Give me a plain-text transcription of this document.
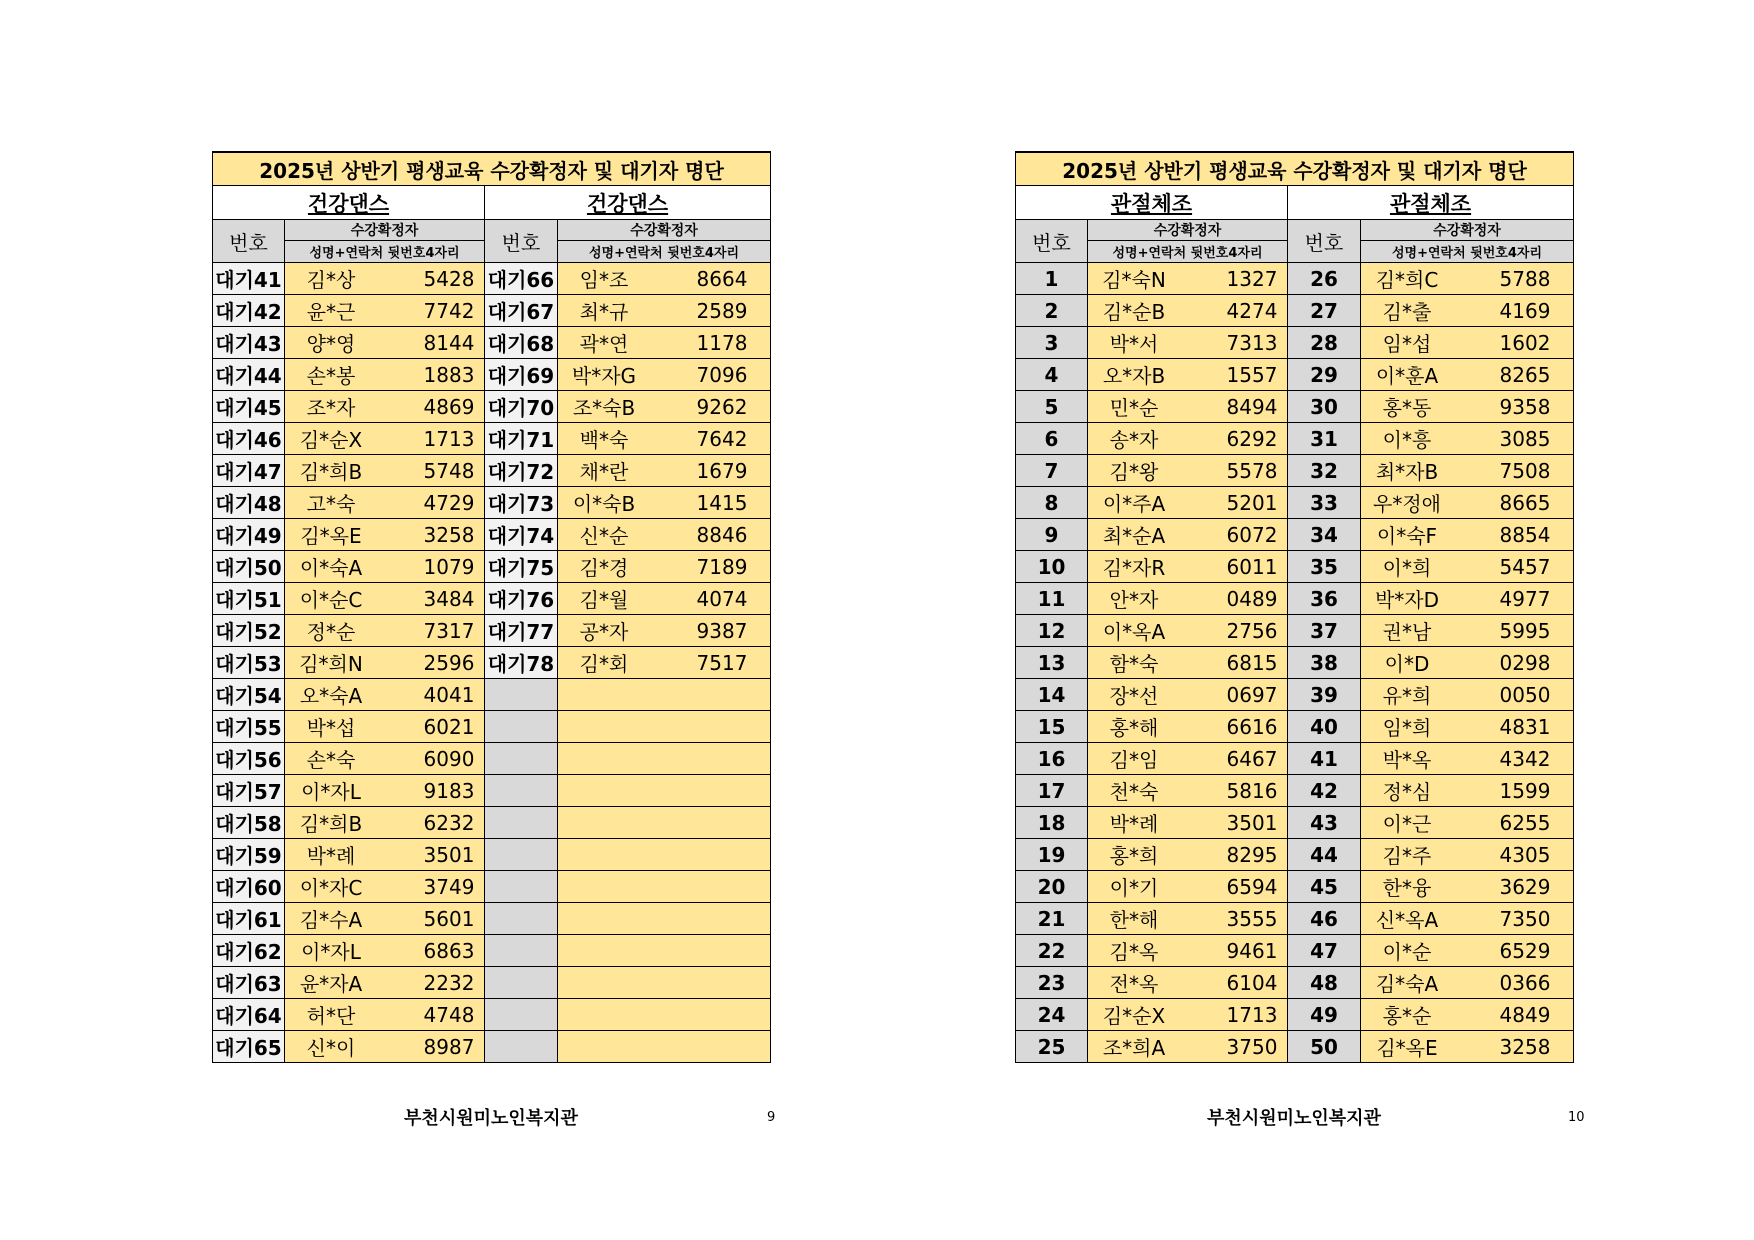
2025년 상반기 평생교육 수강확정자 및 대기자 명단			
건강댄스		건강댄스	
번호	수강확정자	번호	수강확정자
	성명+연락처 뒷번호4자리		성명+연락처 뒷번호4자리
대기41	김*상 5428	대기66	임*조 8664

대기42	윤*근 7742	대기67	최*규 2589

대기43	양*영 8144	대기68	곽*연 1178

대기44	손*봉 1883	대기69	박*자G 7096

대기45	조*자 4869	대기70	조*숙B 9262

대기46	김*순X 1713	대기71	백*숙 7642

대기47	김*희B 5748	대기72	채*란 1679

대기48	고*숙 4729	대기73	이*숙B 1415

대기49	김*옥E 3258	대기74	신*순 8846

대기50	이*숙A 1079	대기75	김*경 7189

대기51	이*순C 3484	대기76	김*월 4074

대기52	정*순 7317	대기77	공*자 9387

대기53	김*희N 2596	대기78	김*회 7517

대기54	오*숙A 4041		

대기55	박*섭 6021		

대기56	손*숙 6090		

대기57	이*자L 9183		

대기58	김*희B 6232		

대기59	박*례 3501		

대기60	이*자C 3749		

대기61	김*수A 5601		

대기62	이*자L 6863		

대기63	윤*자A 2232		

대기64	허*단 4748		

대기65	신*이 8987		

부천시원미노인복지관	9
2025년 상반기 평생교육 수강확정자 및 대기자 명단			
관절체조		관절체조	
번호	수강확정자	번호	수강확정자
	성명+연락처 뒷번호4자리		성명+연락처 뒷번호4자리
1	김*숙N 1327	26	김*희C 5788

2	김*순B 4274	27	김*출 4169

3	박*서 7313	28	임*섭 1602

4	오*자B 1557	29	이*훈A 8265

5	민*순 8494	30	홍*동 9358

6	송*자 6292	31	이*흥 3085

7	김*왕 5578	32	최*자B 7508

8	이*주A 5201	33	우*정애 8665

9	최*순A 6072	34	이*숙F 8854

10	김*자R 6011	35	이*희 5457

11	안*자 0489	36	박*자D 4977

12	이*옥A 2756	37	권*남 5995

13	함*숙 6815	38	이*D 0298

14	장*선 0697	39	유*희 0050

15	홍*해 6616	40	임*희 4831

16	김*임 6467	41	박*옥 4342

17	천*숙 5816	42	정*심 1599

18	박*례 3501	43	이*근 6255

19	홍*희 8295	44	김*주 4305

20	이*기 6594	45	한*융 3629

21	한*해 3555	46	신*옥A 7350

22	김*옥 9461	47	이*순 6529

23	전*옥 6104	48	김*숙A 0366

24	김*순X 1713	49	홍*순 4849

25	조*희A 3750	50	김*옥E 3258
부천시원미노인복지관	10
